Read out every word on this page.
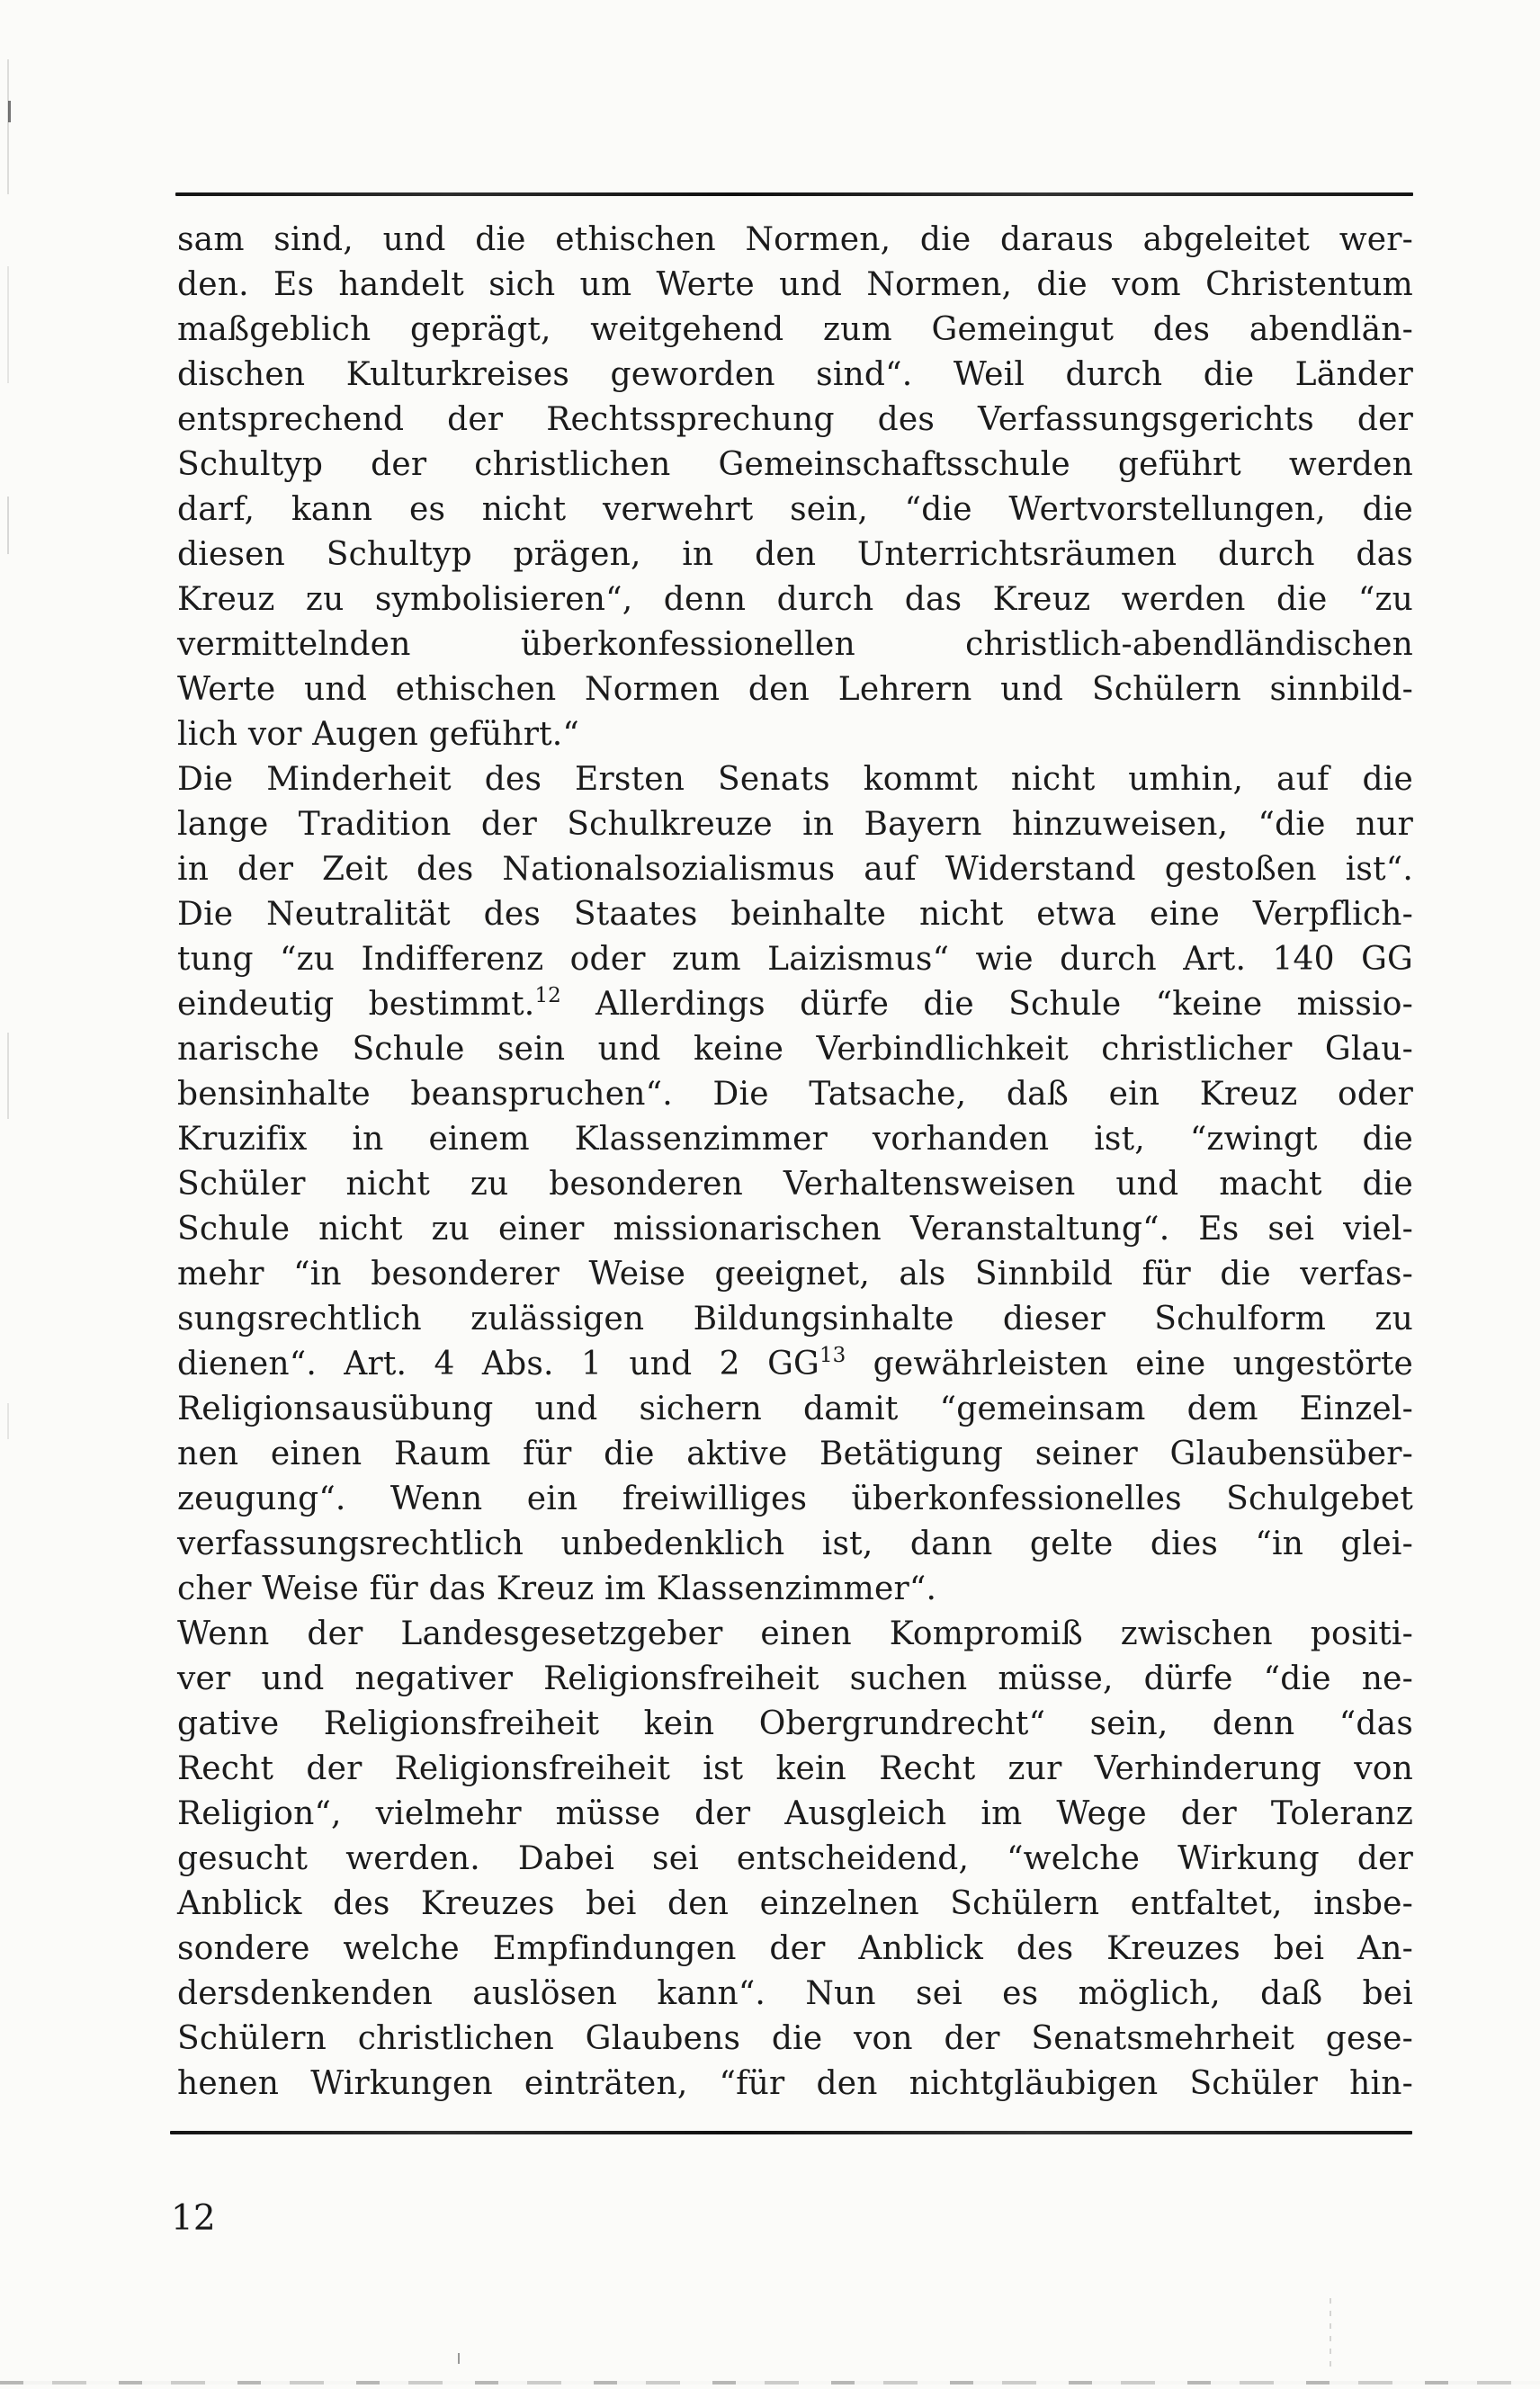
sam sind, und die ethischen Normen, die daraus abgeleitet wer-
den. Es handelt sich um Werte und Normen, die vom Christentum
maßgeblich geprägt, weitgehend zum Gemeingut des abendlän-
dischen Kulturkreises geworden sind“. Weil durch die Länder
entsprechend der Rechtssprechung des Verfassungsgerichts der
Schultyp der christlichen Gemeinschaftsschule geführt werden
darf, kann es nicht verwehrt sein, “die Wertvorstellungen, die
diesen Schultyp prägen, in den Unterrichtsräumen durch das
Kreuz zu symbolisieren“, denn durch das Kreuz werden die “zu
vermittelnden überkonfessionellen christlich-abendländischen
Werte und ethischen Normen den Lehrern und Schülern sinnbild-
lich vor Augen geführt.“
Die Minderheit des Ersten Senats kommt nicht umhin, auf die
lange Tradition der Schulkreuze in Bayern hinzuweisen, “die nur
in der Zeit des Nationalsozialismus auf Widerstand gestoßen ist“.
Die Neutralität des Staates beinhalte nicht etwa eine Verpflich-
tung “zu Indifferenz oder zum Laizismus“ wie durch Art. 140 GG
eindeutig bestimmt.$^{12}$ Allerdings dürfe die Schule “keine missio-
narische Schule sein und keine Verbindlichkeit christlicher Glau-
bensinhalte beanspruchen“. Die Tatsache, daß ein Kreuz oder
Kruzifix in einem Klassenzimmer vorhanden ist, “zwingt die
Schüler nicht zu besonderen Verhaltensweisen und macht die
Schule nicht zu einer missionarischen Veranstaltung“. Es sei viel-
mehr “in besonderer Weise geeignet, als Sinnbild für die verfas-
sungsrechtlich zulässigen Bildungsinhalte dieser Schulform zu
dienen“. Art. 4 Abs. 1 und 2 GG$^{13}$ gewährleisten eine ungestörte
Religionsausübung und sichern damit “gemeinsam dem Einzel-
nen einen Raum für die aktive Betätigung seiner Glaubensüber-
zeugung“. Wenn ein freiwilliges überkonfessionelles Schulgebet
verfassungsrechtlich unbedenklich ist, dann gelte dies “in glei-
cher Weise für das Kreuz im Klassenzimmer“.
Wenn der Landesgesetzgeber einen Kompromiß zwischen positi-
ver und negativer Religionsfreiheit suchen müsse, dürfe “die ne-
gative Religionsfreiheit kein Obergrundrecht“ sein, denn “das
Recht der Religionsfreiheit ist kein Recht zur Verhinderung von
Religion“, vielmehr müsse der Ausgleich im Wege der Toleranz
gesucht werden. Dabei sei entscheidend, “welche Wirkung der
Anblick des Kreuzes bei den einzelnen Schülern entfaltet, insbe-
sondere welche Empfindungen der Anblick des Kreuzes bei An-
dersdenkenden auslösen kann“. Nun sei es möglich, daß bei
Schülern christlichen Glaubens die von der Senatsmehrheit gese-
henen Wirkungen einträten, “für den nichtgläubigen Schüler hin-
12
